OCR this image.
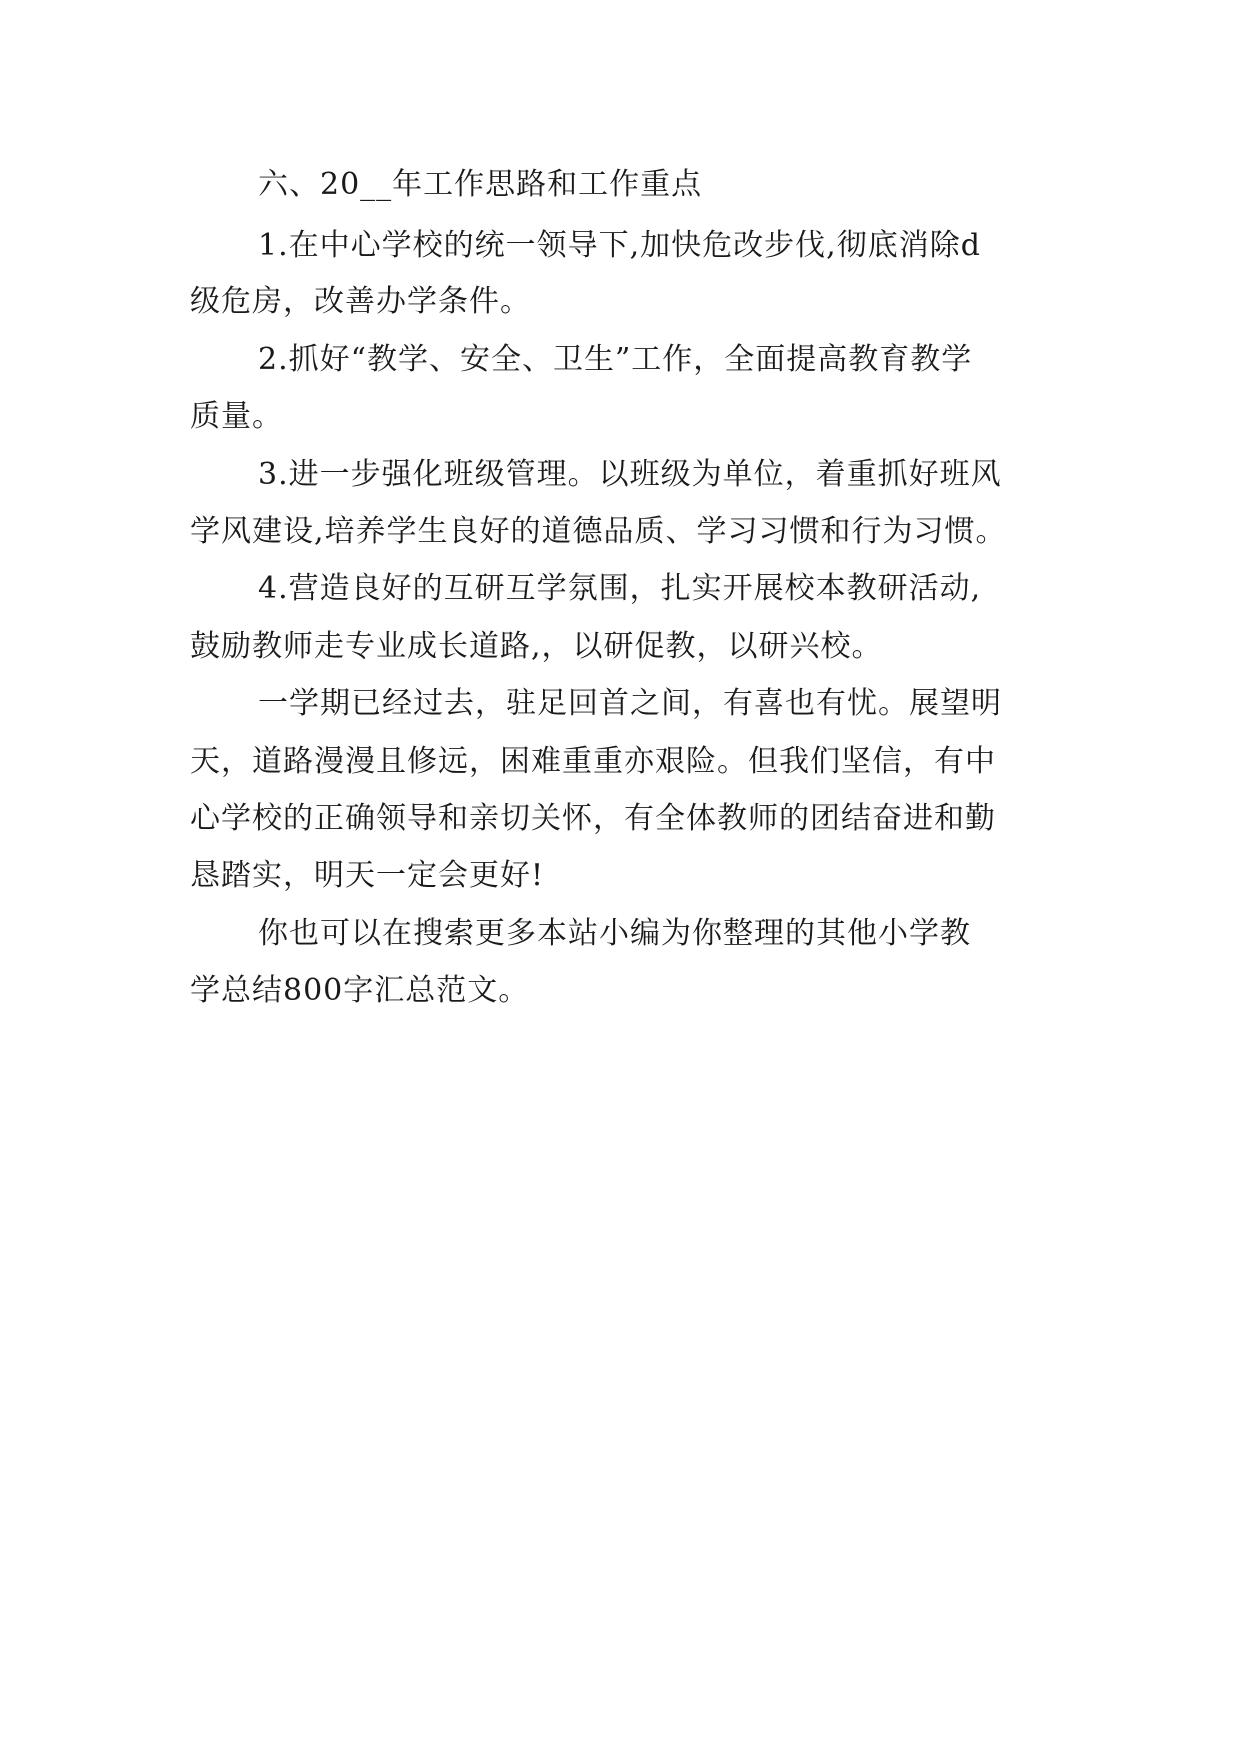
六、20__年工作思路和工作重点
1.在中心学校的统一领导下,加快危改步伐,彻底消除d
级危房，改善办学条件。
2.抓好“教学、安全、卫生”工作，全面提高教育教学
质量。
3.进一步强化班级管理。以班级为单位，着重抓好班风
学风建设,培养学生良好的道德品质、学习习惯和行为习惯。
4.营造良好的互研互学氛围，扎实开展校本教研活动,
鼓励教师走专业成长道路,，以研促教，以研兴校。
一学期已经过去，驻足回首之间，有喜也有忧。展望明
天，道路漫漫且修远，困难重重亦艰险。但我们坚信，有中
心学校的正确领导和亲切关怀，有全体教师的团结奋进和勤
恳踏实，明天一定会更好!
你也可以在搜索更多本站小编为你整理的其他小学教
学总结800字汇总范文。
